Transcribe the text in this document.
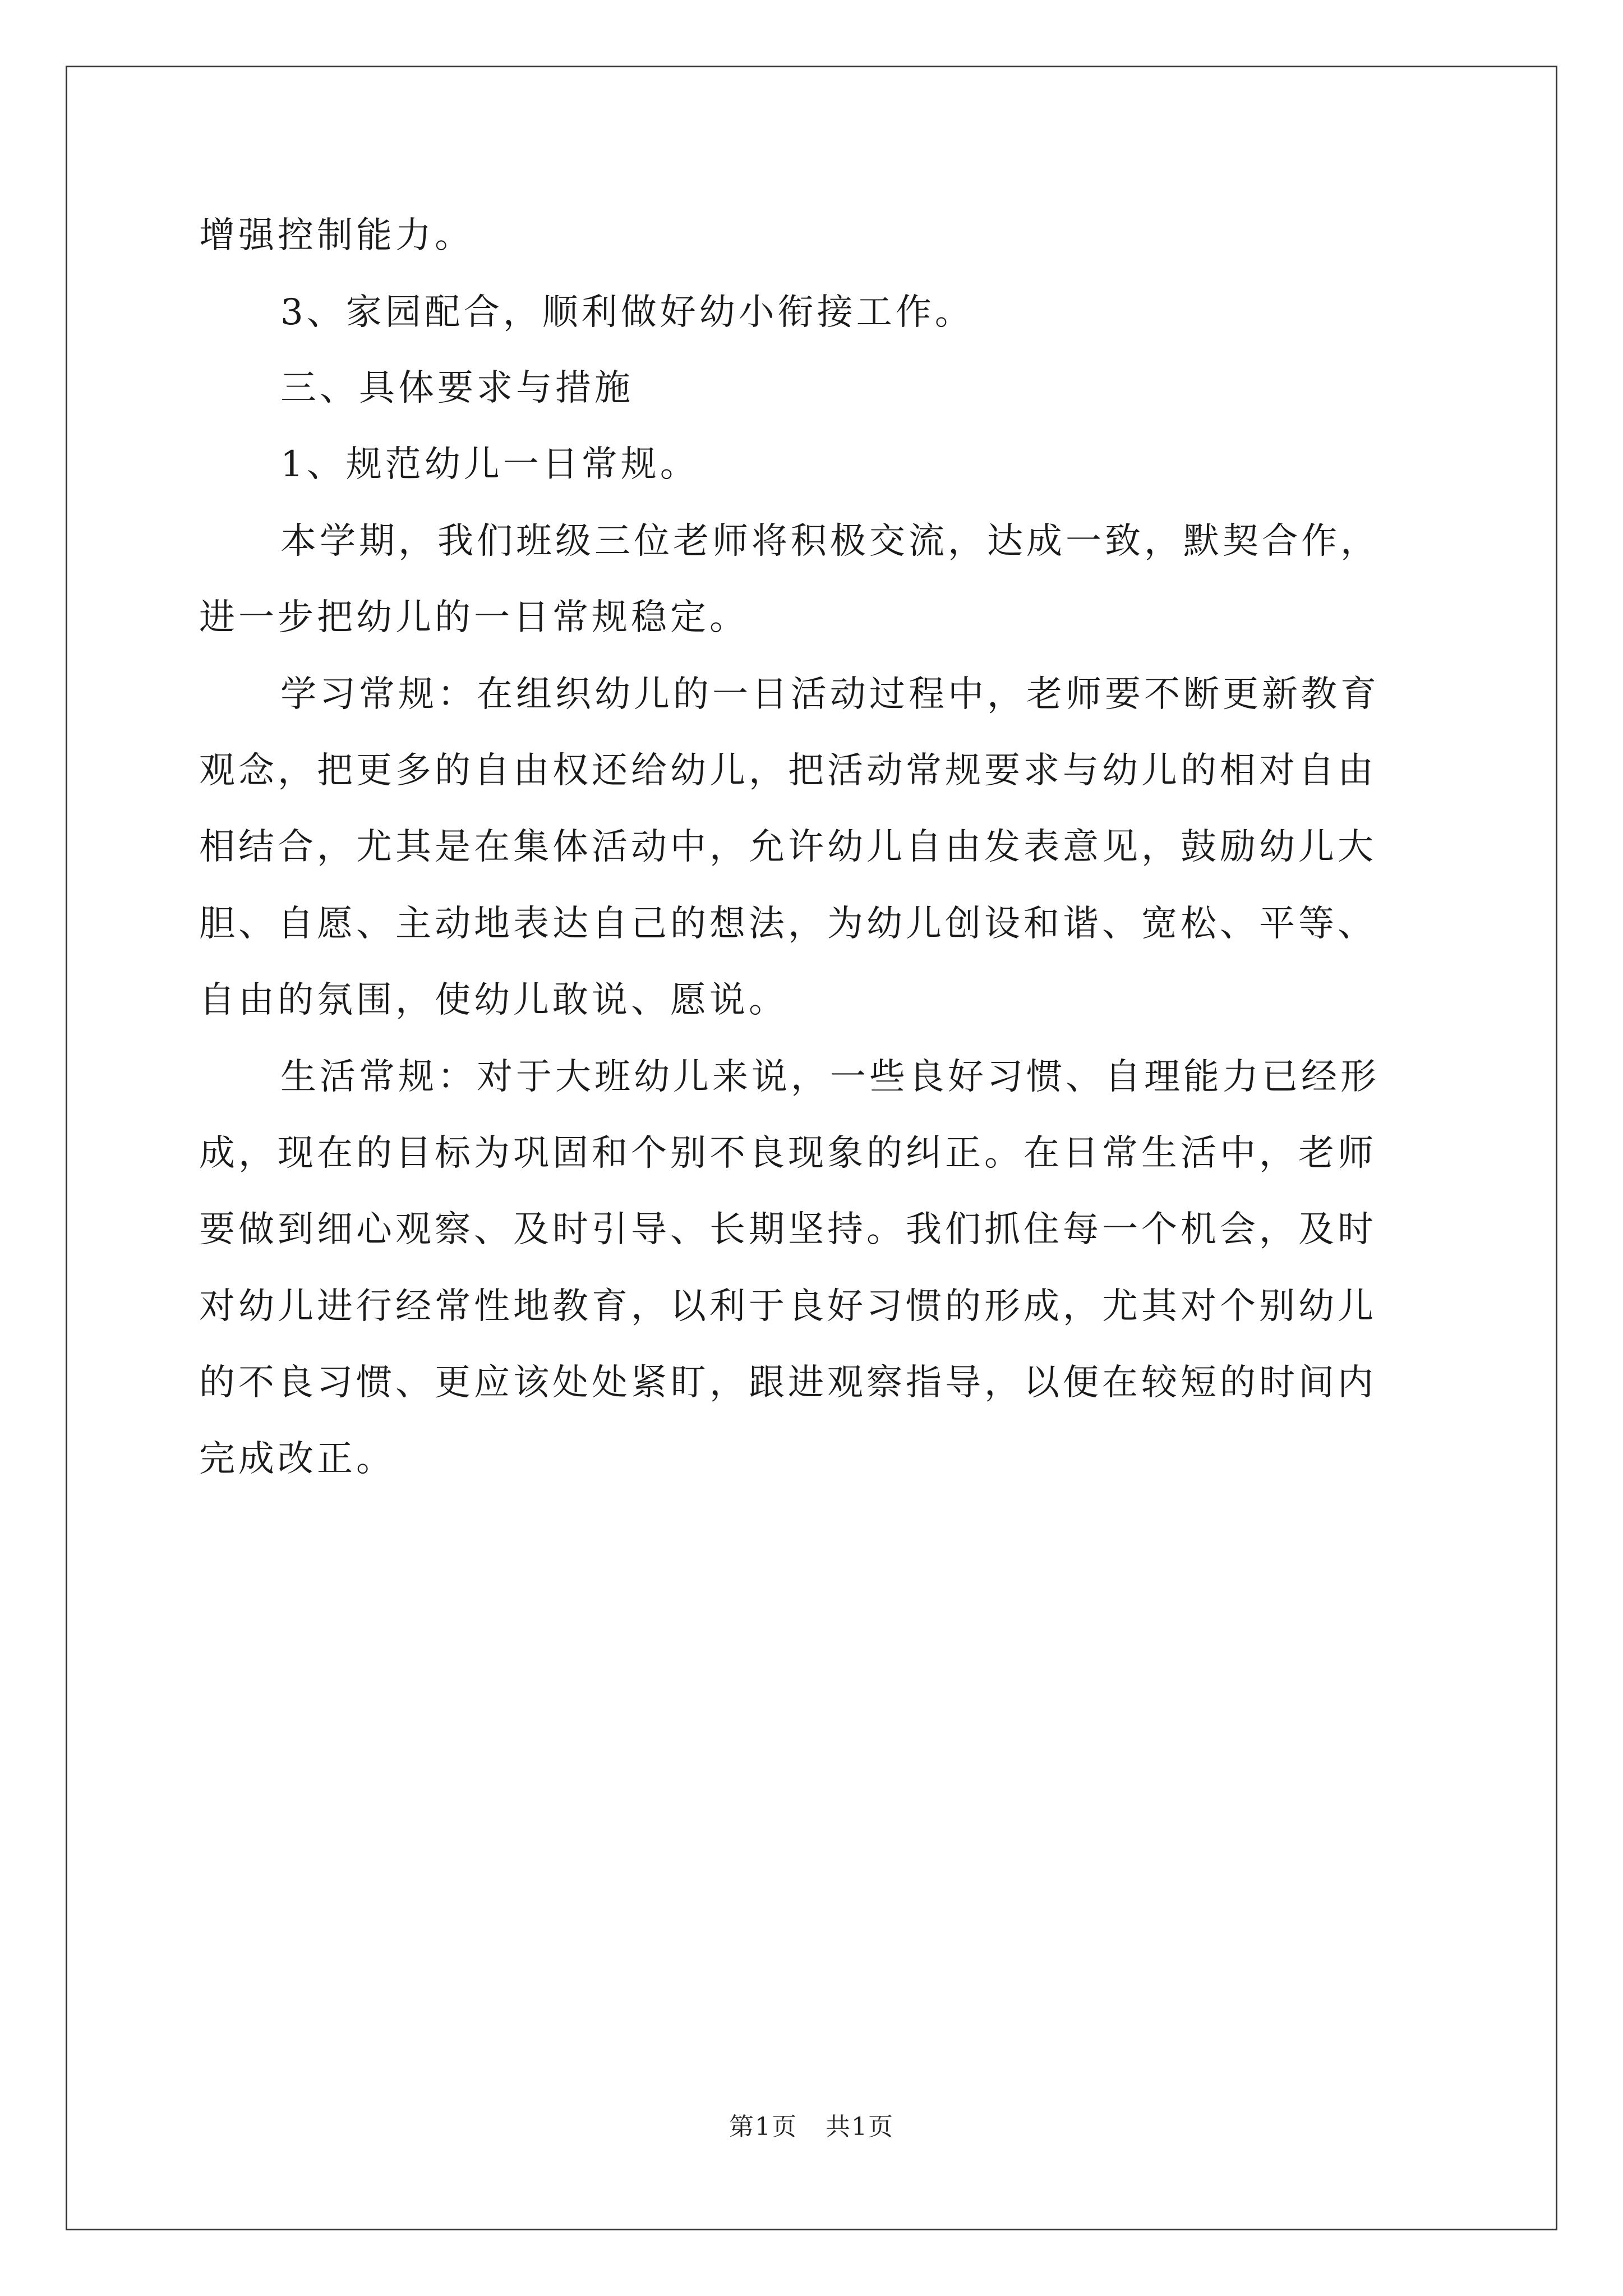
增强控制能力。
3、家园配合，顺利做好幼小衔接工作。
三、具体要求与措施
1、规范幼儿一日常规。
本学期，我们班级三位老师将积极交流，达成一致，默契合作，
进一步把幼儿的一日常规稳定。
学习常规：在组织幼儿的一日活动过程中，老师要不断更新教育
观念，把更多的自由权还给幼儿，把活动常规要求与幼儿的相对自由
相结合，尤其是在集体活动中，允许幼儿自由发表意见，鼓励幼儿大
胆、自愿、主动地表达自己的想法，为幼儿创设和谐、宽松、平等、
自由的氛围，使幼儿敢说、愿说。
生活常规：对于大班幼儿来说，一些良好习惯、自理能力已经形
成，现在的目标为巩固和个别不良现象的纠正。在日常生活中，老师
要做到细心观察、及时引导、长期坚持。我们抓住每一个机会，及时
对幼儿进行经常性地教育，以利于良好习惯的形成，尤其对个别幼儿
的不良习惯、更应该处处紧盯，跟进观察指导，以便在较短的时间内
完成改正。
第1页 共1页
